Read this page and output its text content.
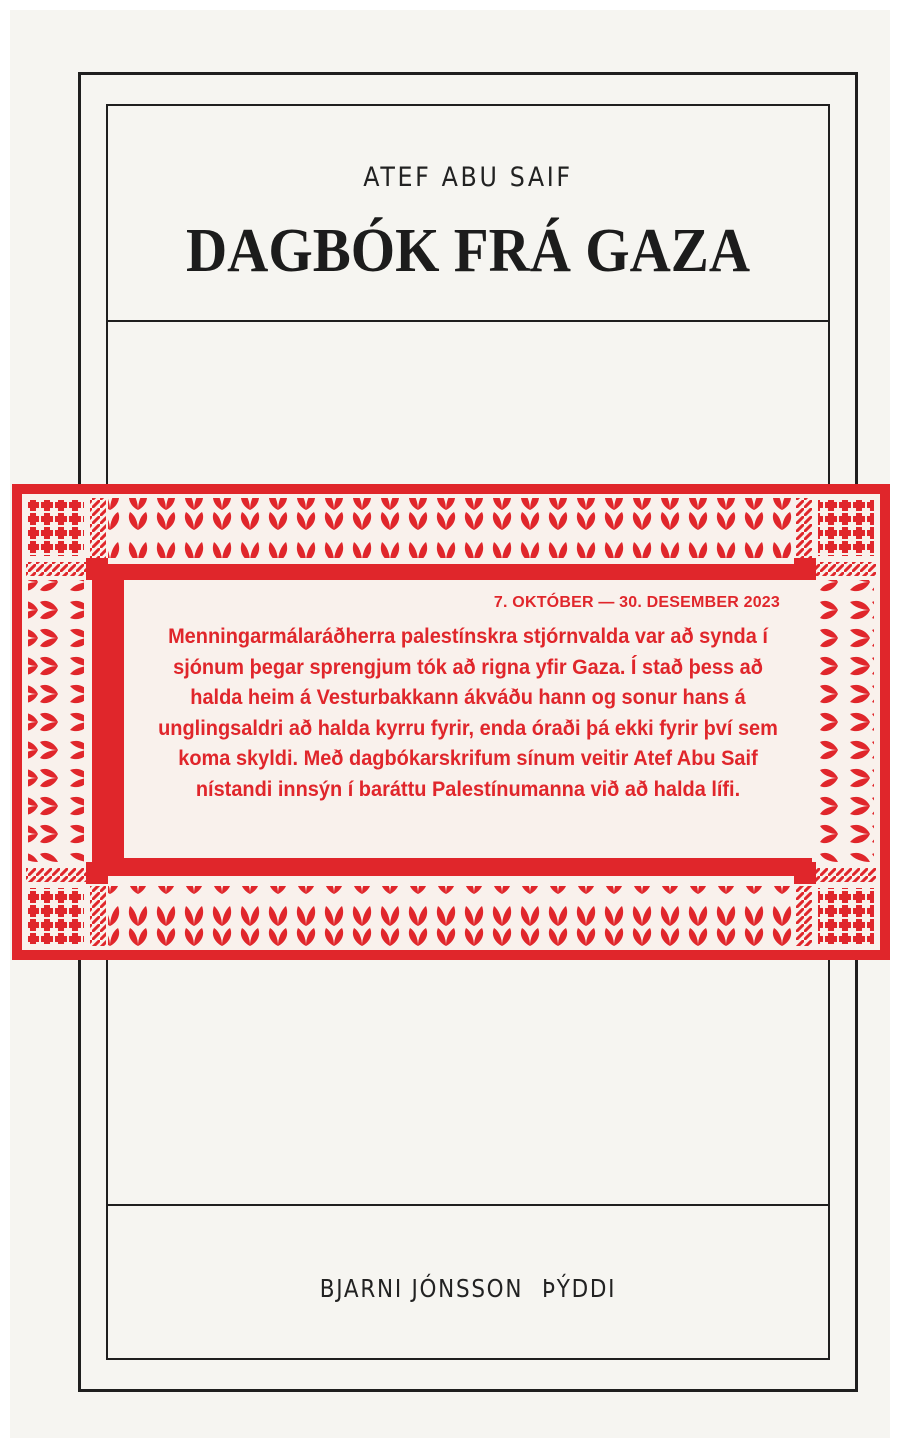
ATEF ABU SAIF
DAGBÓK FRÁ GAZA
BJARNI JÓNSSON ÞÝDDI
7. OKTÓBER — 30. DESEMBER 2023
Menningarmálaráðherra palestínskra stjórnvalda var að synda í sjónum þegar sprengjum tók að rigna yfir Gaza. Í stað þess að halda heim á Vesturbakkann ákváðu hann og sonur hans á unglingsaldri að halda kyrru fyrir, enda óraði þá ekki fyrir því sem koma skyldi. Með dagbókarskrifum sínum veitir Atef Abu Saif nístandi innsýn í baráttu Palestínumanna við að halda lífi.
